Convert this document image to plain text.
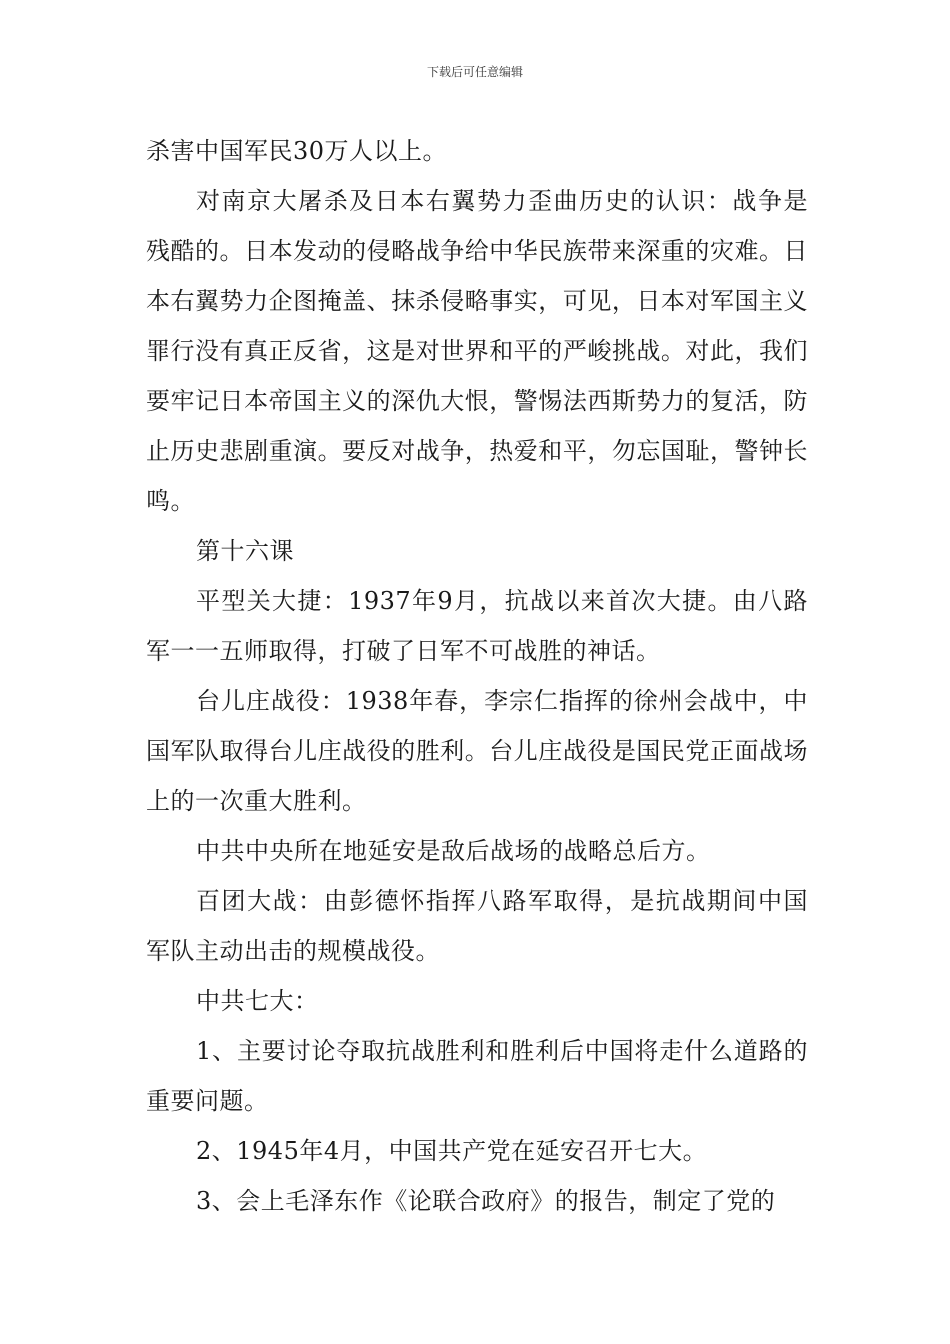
下载后可任意编辑

杀害中国军民30万人以上。

对南京大屠杀及日本右翼势力歪曲历史的认识：战争是残酷的。日本发动的侵略战争给中华民族带来深重的灾难。日本右翼势力企图掩盖、抹杀侵略事实，可见，日本对军国主义罪行没有真正反省，这是对世界和平的严峻挑战。对此，我们要牢记日本帝国主义的深仇大恨，警惕法西斯势力的复活，防止历史悲剧重演。要反对战争，热爱和平，勿忘国耻，警钟长鸣。

第十六课

平型关大捷：1937年9月，抗战以来首次大捷。由八路军一一五师取得，打破了日军不可战胜的神话。

台儿庄战役：1938年春，李宗仁指挥的徐州会战中，中国军队取得台儿庄战役的胜利。台儿庄战役是国民党正面战场上的一次重大胜利。

中共中央所在地延安是敌后战场的战略总后方。

百团大战：由彭德怀指挥八路军取得，是抗战期间中国军队主动出击的规模战役。

中共七大：

1、主要讨论夺取抗战胜利和胜利后中国将走什么道路的重要问题。

2、1945年4月，中国共产党在延安召开七大。

3、会上毛泽东作《论联合政府》的报告，制定了党的
